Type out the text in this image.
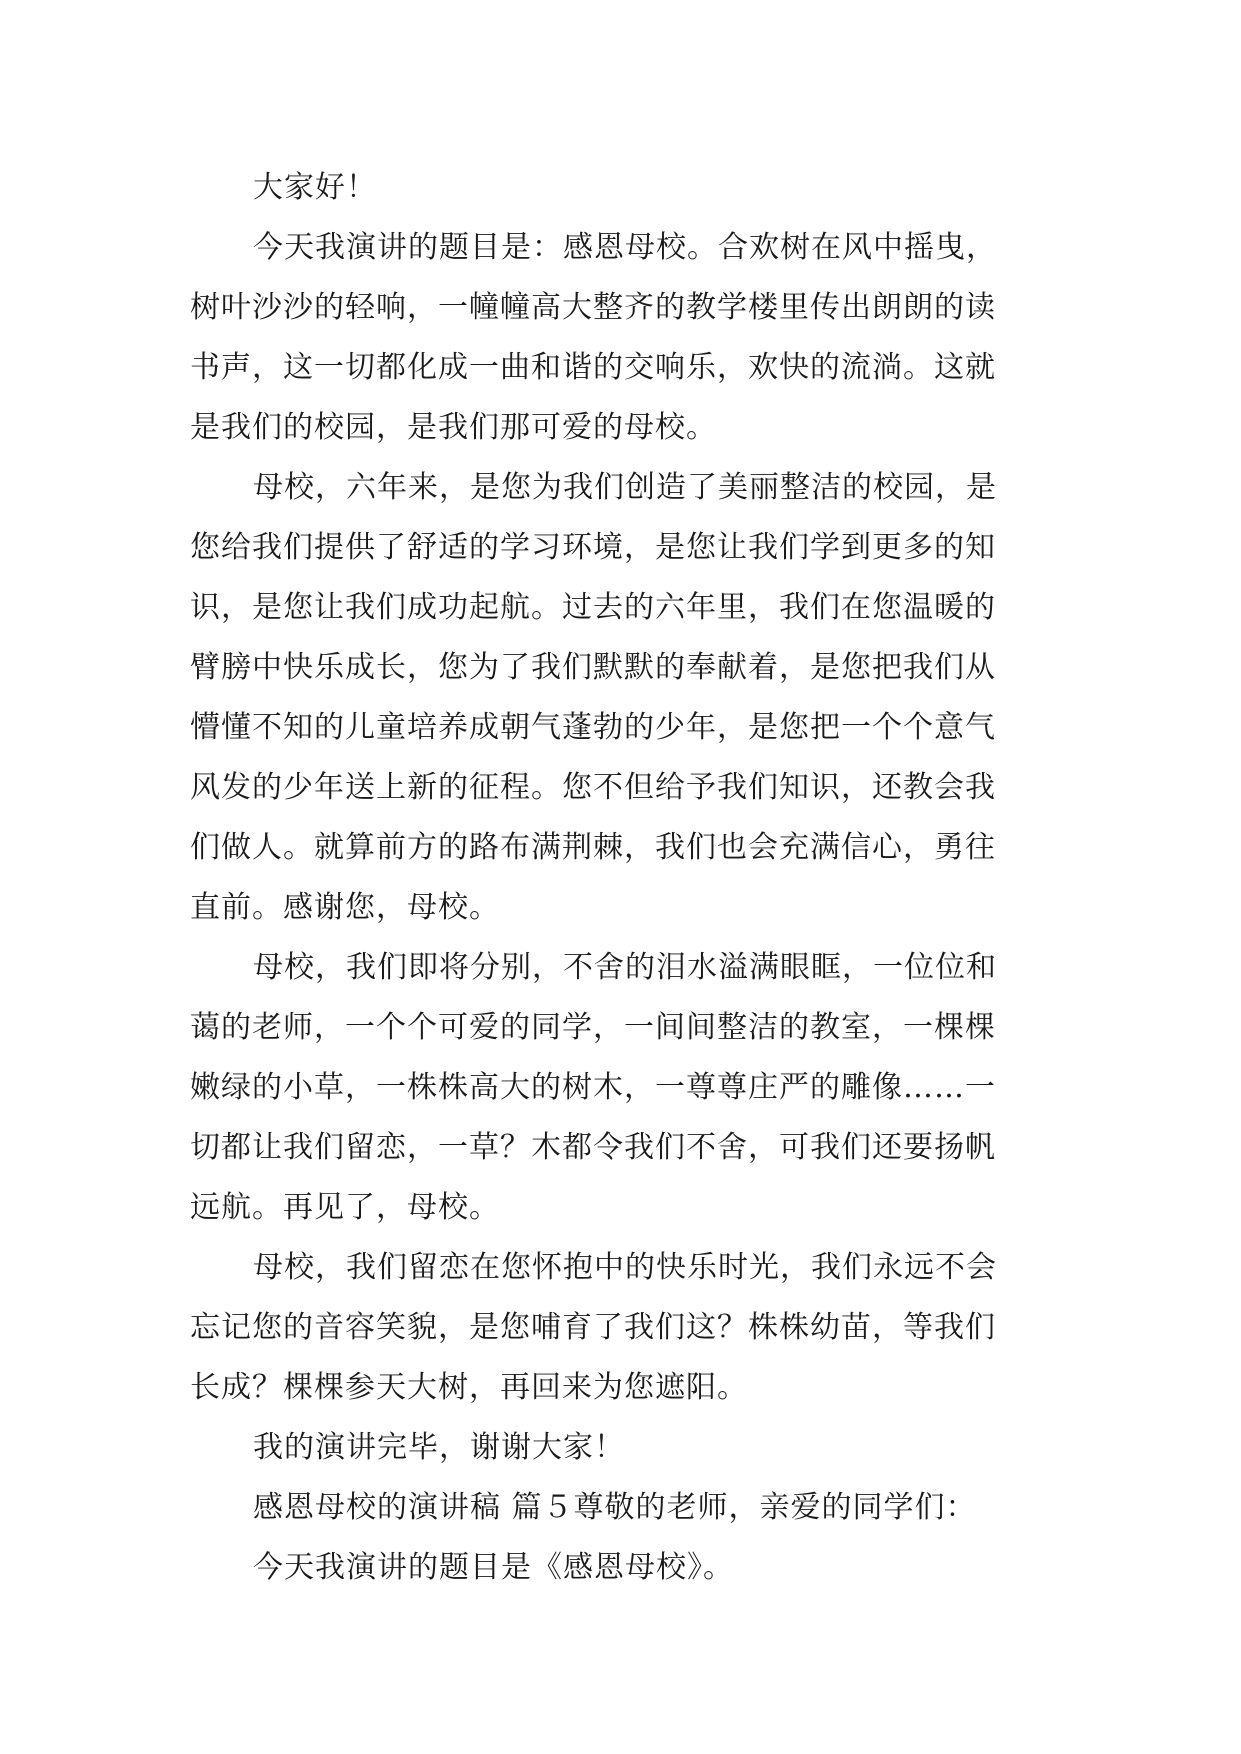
大家好！
今天我演讲的题目是：感恩母校。合欢树在风中摇曳，
树叶沙沙的轻响，一幢幢高大整齐的教学楼里传出朗朗的读
书声，这一切都化成一曲和谐的交响乐，欢快的流淌。这就
是我们的校园，是我们那可爱的母校。
母校，六年来，是您为我们创造了美丽整洁的校园，是
您给我们提供了舒适的学习环境，是您让我们学到更多的知
识，是您让我们成功起航。过去的六年里，我们在您温暖的
臂膀中快乐成长，您为了我们默默的奉献着，是您把我们从
懵懂不知的儿童培养成朝气蓬勃的少年，是您把一个个意气
风发的少年送上新的征程。您不但给予我们知识，还教会我
们做人。就算前方的路布满荆棘，我们也会充满信心，勇往
直前。感谢您，母校。
母校，我们即将分别，不舍的泪水溢满眼眶，一位位和
蔼的老师，一个个可爱的同学，一间间整洁的教室，一棵棵
嫩绿的小草，一株株高大的树木，一尊尊庄严的雕像……一
切都让我们留恋，一草？木都令我们不舍，可我们还要扬帆
远航。再见了，母校。
母校，我们留恋在您怀抱中的快乐时光，我们永远不会
忘记您的音容笑貌，是您哺育了我们这？株株幼苗，等我们
长成？棵棵参天大树，再回来为您遮阳。
我的演讲完毕，谢谢大家！
感恩母校的演讲稿 篇５尊敬的老师，亲爱的同学们：
今天我演讲的题目是《感恩母校》。
